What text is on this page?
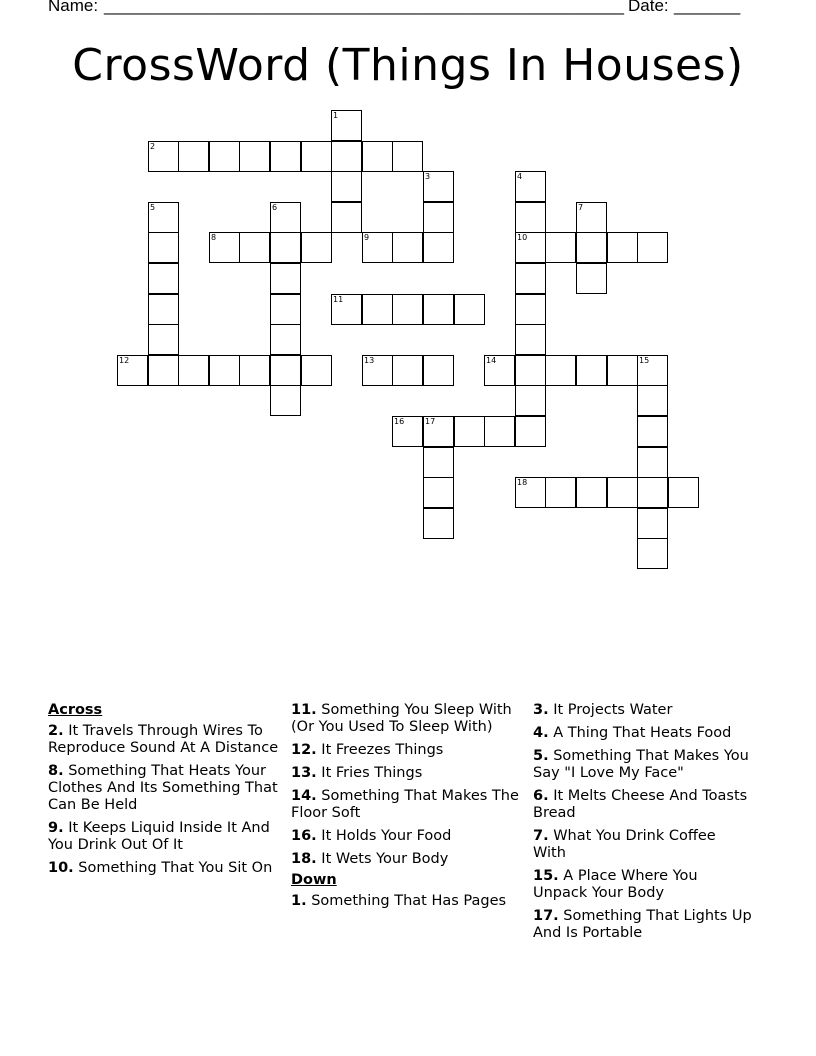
Name: _______________________________________________________ Date: _______
CrossWord (Things In Houses)
1
2
3	4
10
5	6	7
8	9
11
12	13	14	15
16	17
18
Across
2. It Travels Through Wires To Reproduce Sound At A Distance
8. Something That Heats Your Clothes And Its Something That Can Be Held
9. It Keeps Liquid Inside It And You Drink Out Of It
10. Something That You Sit On
11. Something You Sleep With (Or You Used To Sleep With)
12. It Freezes Things
13. It Fries Things
14. Something That Makes The Floor Soft
16. It Holds Your Food
18. It Wets Your Body
Down
1. Something That Has Pages
3. It Projects Water
4. A Thing That Heats Food
5. Something That Makes You Say "I Love My Face"
6. It Melts Cheese And Toasts Bread
7. What You Drink Coffee With
15. A Place Where You Unpack Your Body
17. Something That Lights Up And Is Portable
